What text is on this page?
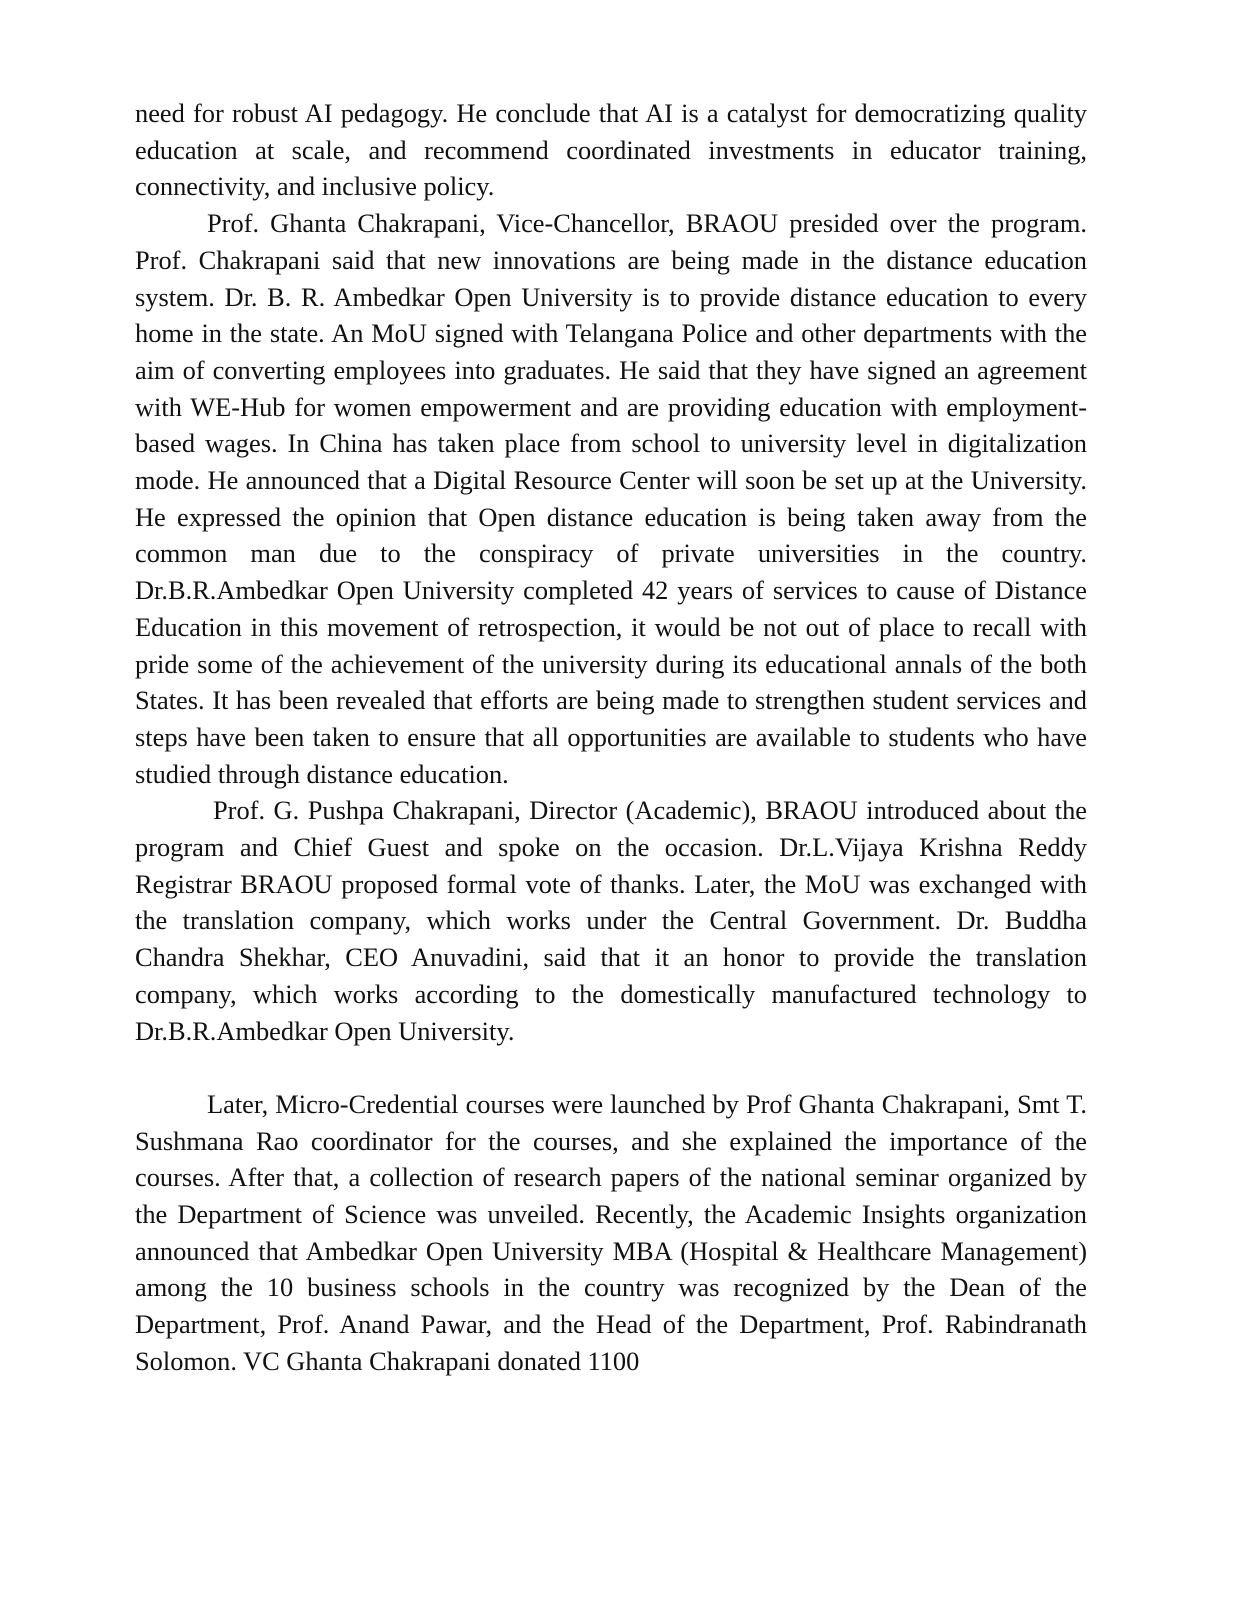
need for robust AI pedagogy. He conclude that AI is a catalyst for democratizing quality education at scale, and recommend coordinated investments in educator training, connectivity, and inclusive policy.

Prof. Ghanta Chakrapani, Vice-Chancellor, BRAOU presided over the program. Prof. Chakrapani said that new innovations are being made in the distance education system. Dr. B. R. Ambedkar Open University is to provide distance education to every home in the state. An MoU signed with Telangana Police and other departments with the aim of converting employees into graduates. He said that they have signed an agreement with WE-Hub for women empowerment and are providing education with employment-based wages. In China has taken place from school to university level in digitalization mode. He announced that a Digital Resource Center will soon be set up at the University. He expressed the opinion that Open distance education is being taken away from the common man due to the conspiracy of private universities in the country. Dr.B.R.Ambedkar Open University completed 42 years of services to cause of Distance Education in this movement of retrospection, it would be not out of place to recall with pride some of the achievement of the university during its educational annals of the both States. It has been revealed that efforts are being made to strengthen student services and steps have been taken to ensure that all opportunities are available to students who have studied through distance education.

Prof. G. Pushpa Chakrapani, Director (Academic), BRAOU introduced about the program and Chief Guest and spoke on the occasion. Dr.L.Vijaya Krishna Reddy Registrar BRAOU proposed formal vote of thanks. Later, the MoU was exchanged with the translation company, which works under the Central Government. Dr. Buddha Chandra Shekhar, CEO Anuvadini, said that it an honor to provide the translation company, which works according to the domestically manufactured technology to Dr.B.R.Ambedkar Open University.

Later, Micro-Credential courses were launched by Prof Ghanta Chakrapani, Smt T. Sushmana Rao coordinator for the courses, and she explained the importance of the courses. After that, a collection of research papers of the national seminar organized by the Department of Science was unveiled. Recently, the Academic Insights organization announced that Ambedkar Open University MBA (Hospital & Healthcare Management) among the 10 business schools in the country was recognized by the Dean of the Department, Prof. Anand Pawar, and the Head of the Department, Prof. Rabindranath Solomon. VC Ghanta Chakrapani donated 1100
